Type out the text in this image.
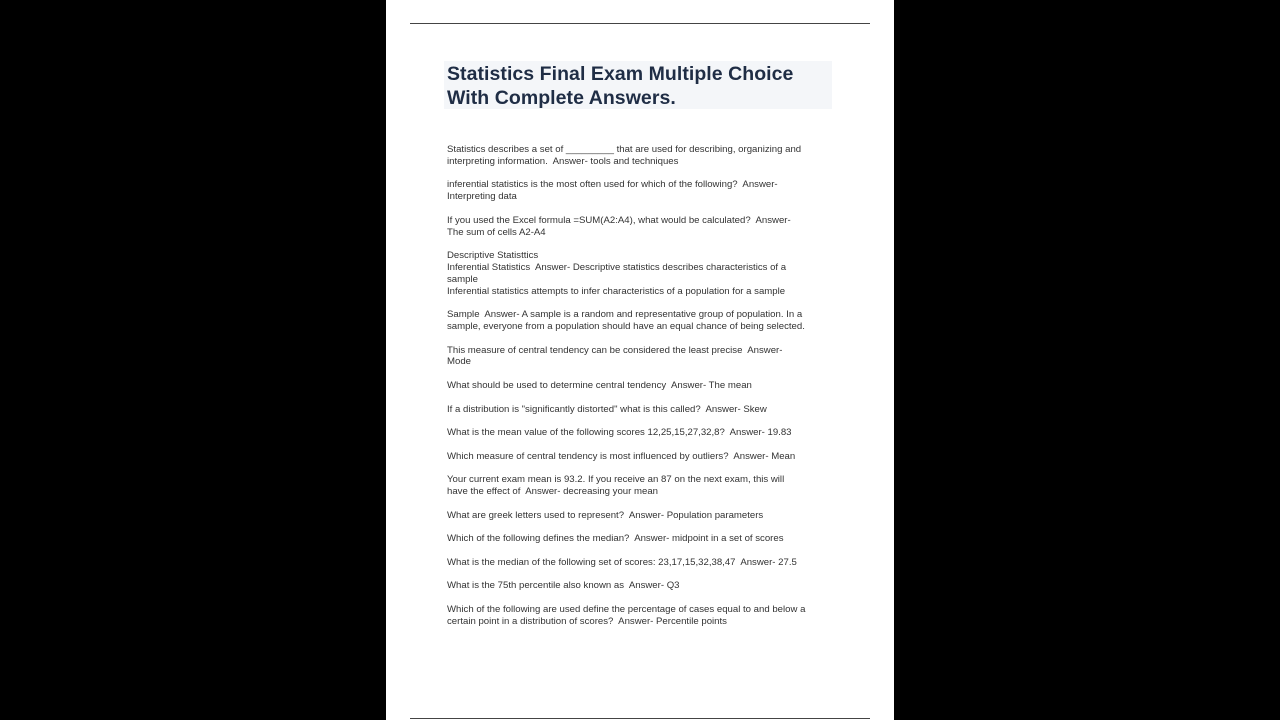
Statistics Final Exam Multiple Choice With Complete Answers.
Statistics describes a set of _________ that are used for describing, organizing and
interpreting information.  Answer- tools and techniques
inferential statistics is the most often used for which of the following?  Answer-
Interpreting data
If you used the Excel formula =SUM(A2:A4), what would be calculated?  Answer-
The sum of cells A2-A4
Descriptive Statisttics
Inferential Statistics  Answer- Descriptive statistics describes characteristics of a
sample
Inferential statistics attempts to infer characteristics of a population for a sample
Sample  Answer- A sample is a random and representative group of population. In a
sample, everyone from a population should have an equal chance of being selected.
This measure of central tendency can be considered the least precise  Answer-
Mode
What should be used to determine central tendency  Answer- The mean
If a distribution is "significantly distorted" what is this called?  Answer- Skew
What is the mean value of the following scores 12,25,15,27,32,8?  Answer- 19.83
Which measure of central tendency is most influenced by outliers?  Answer- Mean
Your current exam mean is 93.2. If you receive an 87 on the next exam, this will
have the effect of  Answer- decreasing your mean
What are greek letters used to represent?  Answer- Population parameters
Which of the following defines the median?  Answer- midpoint in a set of scores
What is the median of the following set of scores: 23,17,15,32,38,47  Answer- 27.5
What is the 75th percentile also known as  Answer- Q3
Which of the following are used define the percentage of cases equal to and below a
certain point in a distribution of scores?  Answer- Percentile points
